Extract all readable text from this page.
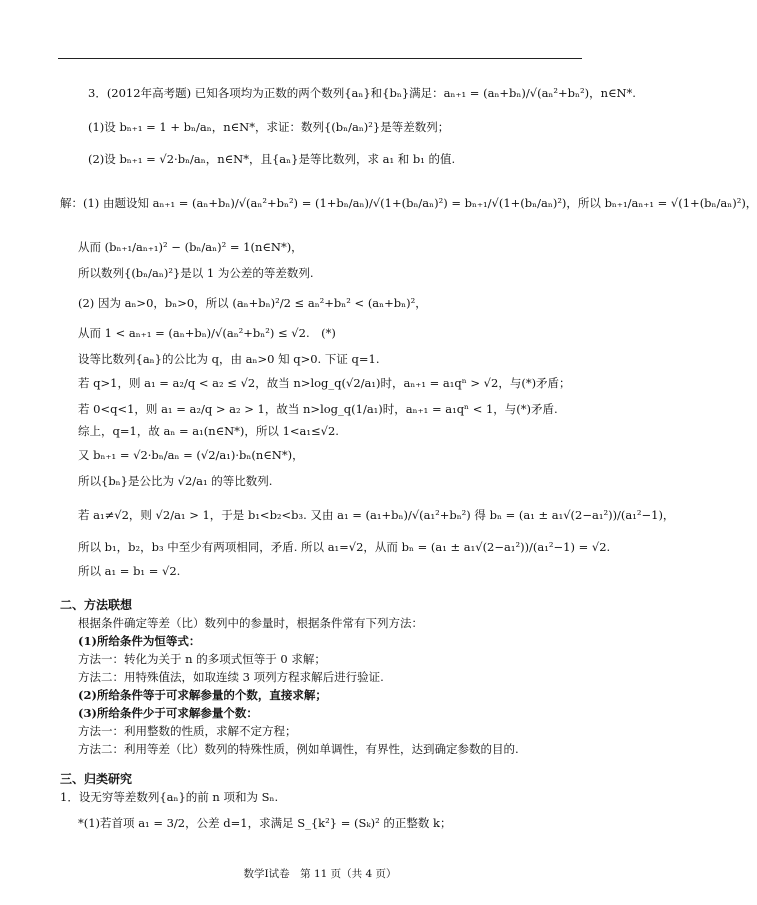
3．(2012年高考题) 已知各项均为正数的两个数列{aₙ}和{bₙ}满足：aₙ₊₁ = (aₙ+bₙ)/√(aₙ²+bₙ²)，n∈N*.
(1)设 bₙ₊₁ = 1 + bₙ/aₙ，n∈N*，求证：数列{(bₙ/aₙ)²}是等差数列；
(2)设 bₙ₊₁ = √2·bₙ/aₙ，n∈N*，且{aₙ}是等比数列，求 a₁ 和 b₁ 的值.
解：(1) 由题设知 aₙ₊₁ = (aₙ+bₙ)/√(aₙ²+bₙ²) = (1+bₙ/aₙ)/√(1+(bₙ/aₙ)²) = bₙ₊₁/√(1+(bₙ/aₙ)²)，所以 bₙ₊₁/aₙ₊₁ = √(1+(bₙ/aₙ)²)，
从而 (bₙ₊₁/aₙ₊₁)² − (bₙ/aₙ)² = 1(n∈N*)，
所以数列{(bₙ/aₙ)²}是以 1 为公差的等差数列.
(2) 因为 aₙ>0，bₙ>0，所以 (aₙ+bₙ)²/2 ≤ aₙ²+bₙ² < (aₙ+bₙ)²，
从而 1 < aₙ₊₁ = (aₙ+bₙ)/√(aₙ²+bₙ²) ≤ √2.　(*)
设等比数列{aₙ}的公比为 q，由 aₙ>0 知 q>0. 下证 q=1.
若 q>1，则 a₁ = a₂/q < a₂ ≤ √2，故当 n>log_q(√2/a₁)时，aₙ₊₁ = a₁qⁿ > √2，与(*)矛盾；
若 0<q<1，则 a₁ = a₂/q > a₂ > 1，故当 n>log_q(1/a₁)时，aₙ₊₁ = a₁qⁿ < 1，与(*)矛盾.
综上，q=1，故 aₙ = a₁(n∈N*)，所以 1<a₁≤√2.
又 bₙ₊₁ = √2·bₙ/aₙ = (√2/a₁)·bₙ(n∈N*)，
所以{bₙ}是公比为 √2/a₁ 的等比数列.
若 a₁≠√2，则 √2/a₁ > 1，于是 b₁<b₂<b₃. 又由 a₁ = (a₁+bₙ)/√(a₁²+bₙ²) 得 bₙ = (a₁ ± a₁√(2−a₁²))/(a₁²−1)，
所以 b₁，b₂，b₃ 中至少有两项相同，矛盾. 所以 a₁=√2，从而 bₙ = (a₁ ± a₁√(2−a₁²))/(a₁²−1) = √2.
所以 a₁ = b₁ = √2.
二、方法联想
根据条件确定等差（比）数列中的参量时，根据条件常有下列方法：
(1)所给条件为恒等式：
方法一：转化为关于 n 的多项式恒等于 0 求解；
方法二：用特殊值法，如取连续 3 项列方程求解后进行验证.
(2)所给条件等于可求解参量的个数，直接求解；
(3)所给条件少于可求解参量个数：
方法一：利用整数的性质，求解不定方程；
方法二：利用等差（比）数列的特殊性质，例如单调性，有界性，达到确定参数的目的.
三、归类研究
1．设无穷等差数列{aₙ}的前 n 项和为 Sₙ.
*(1)若首项 a₁ = 3/2，公差 d=1，求满足 S_{k²} = (Sₖ)² 的正整数 k；
数学Ⅰ试卷　第 11 页（共 4 页）
